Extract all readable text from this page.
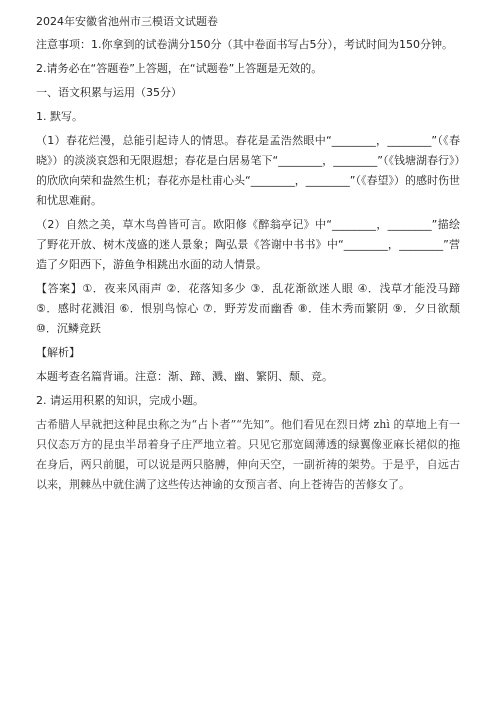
2024年安徽省池州市三模语文试题卷

注意事项：1.你拿到的试卷满分150分（其中卷面书写占5分），考试时间为150分钟。

2.请务必在“答题卷”上答题，在“试题卷”上答题是无效的。

一、语文积累与运用（35分）

1. 默写。

（1）春花烂漫，总能引起诗人的情思。春花是孟浩然眼中“________，________”（《春晓》）的淡淡哀怨和无限遐想；春花是白居易笔下“________，________”（《钱塘湖春行》）的欣欣向荣和盎然生机；春花亦是杜甫心头“________，________”（《春望》）的感时伤世和忧思难耐。

（2）自然之美，草木鸟兽皆可言。欧阳修《醉翁亭记》中“________，________”描绘了野花开放、树木茂盛的迷人景象；陶弘景《答谢中书书》中“________，________”营造了夕阳西下，游鱼争相跳出水面的动人情景。

【答案】①．夜来风雨声 ②．花落知多少 ③．乱花渐欲迷人眼 ④．浅草才能没马蹄 ⑤．感时花溅泪 ⑥．恨别鸟惊心 ⑦．野芳发而幽香 ⑧．佳木秀而繁阴 ⑨．夕日欲颓 ⑩．沉鳞竞跃

【解析】

本题考查名篇背诵。注意：渐、蹄、溅、幽、繁阴、颓、竞。

2. 请运用积累的知识，完成小题。

古希腊人早就把这种昆虫称之为“占卜者”“先知”。他们看见在烈日烤 zhì 的草地上有一只仪态万方的昆虫半昂着身子庄严地立着。只见它那宽阔薄透的绿翼像亚麻长裙似的拖在身后，两只前腿，可以说是两只胳膊，伸向天空，一副祈祷的架势。于是乎，自远古以来，荆棘丛中就住满了这些传达神谕的女预言者、向上苍祷告的苦修女了。
